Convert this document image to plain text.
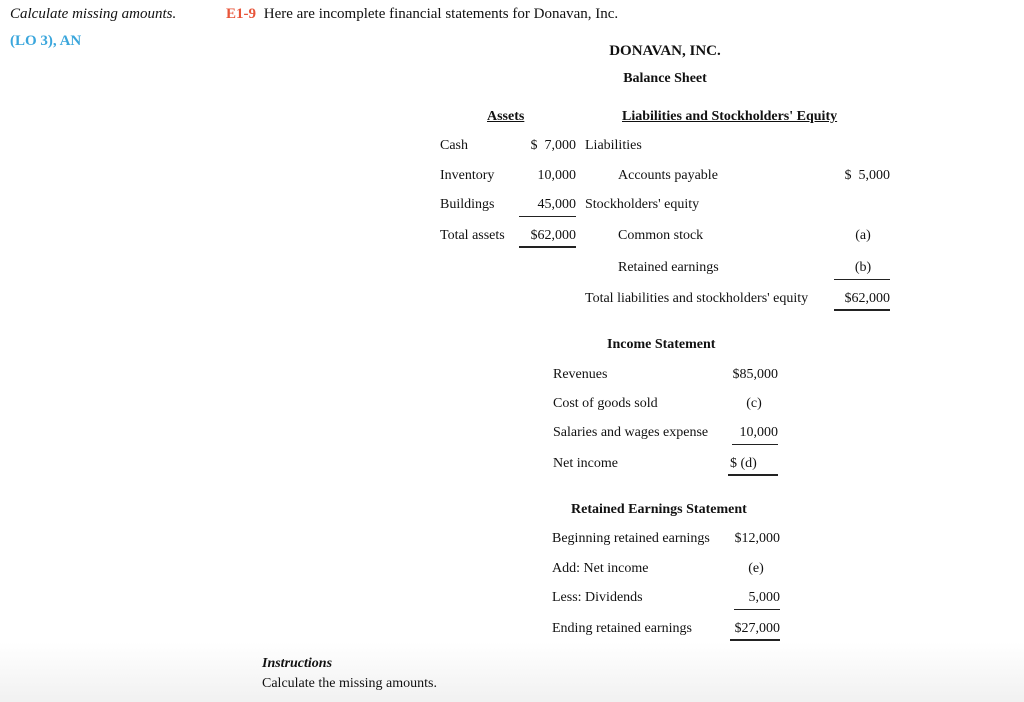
Calculate missing amounts.
(LO 3), AN
E1-9 Here are incomplete financial statements for Donavan, Inc.
DONAVAN, INC.
Balance Sheet
Assets	Liabilities and Stockholders' Equity
Cash	$  7,000
Inventory	10,000
Buildings	45,000
Total assets	$62,000
Liabilities
Accounts payable	$  5,000
Stockholders' equity
Common stock	(a)
Retained earnings	(b)
Total liabilities and stockholders' equity	$62,000
Income Statement
Revenues	$85,000
Cost of goods sold	(c)
Salaries and wages expense	10,000
Net income	$ (d)
Retained Earnings Statement
Beginning retained earnings	$12,000
Add: Net income	(e)
Less: Dividends	5,000
Ending retained earnings	$27,000
Instructions
Calculate the missing amounts.
